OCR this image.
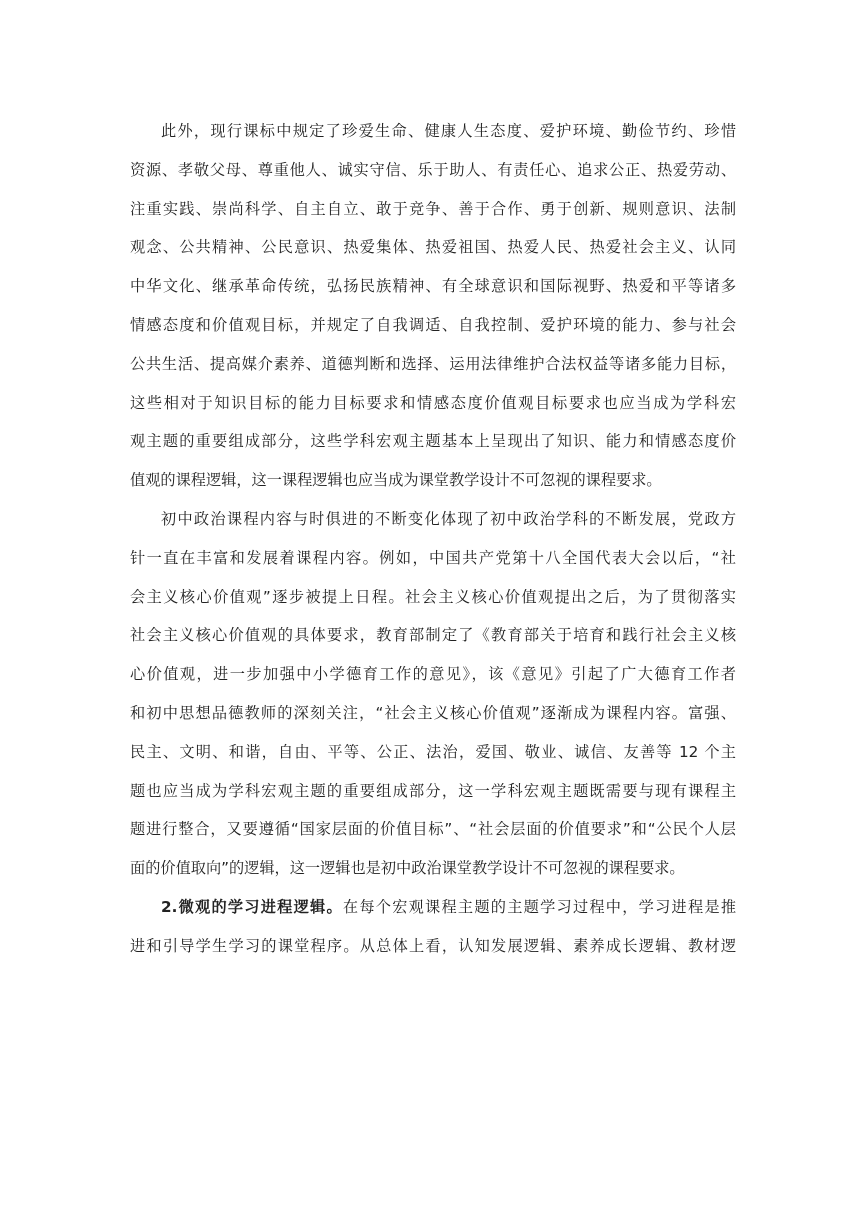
此外，现行课标中规定了珍爱生命、健康人生态度、爱护环境、勤俭节约、珍惜
资源、孝敬父母、尊重他人、诚实守信、乐于助人、有责任心、追求公正、热爱劳动、
注重实践、崇尚科学、自主自立、敢于竞争、善于合作、勇于创新、规则意识、法制
观念、公共精神、公民意识、热爱集体、热爱祖国、热爱人民、热爱社会主义、认同
中华文化、继承革命传统，弘扬民族精神、有全球意识和国际视野、热爱和平等诸多
情感态度和价值观目标，并规定了自我调适、自我控制、爱护环境的能力、参与社会
公共生活、提高媒介素养、道德判断和选择、运用法律维护合法权益等诸多能力目标，
这些相对于知识目标的能力目标要求和情感态度价值观目标要求也应当成为学科宏
观主题的重要组成部分，这些学科宏观主题基本上呈现出了知识、能力和情感态度价
值观的课程逻辑，这一课程逻辑也应当成为课堂教学设计不可忽视的课程要求。
初中政治课程内容与时俱进的不断变化体现了初中政治学科的不断发展，党政方
针一直在丰富和发展着课程内容。例如，中国共产党第十八全国代表大会以后，“社
会主义核心价值观”逐步被提上日程。社会主义核心价值观提出之后，为了贯彻落实
社会主义核心价值观的具体要求，教育部制定了《教育部关于培育和践行社会主义核
心价值观，进一步加强中小学德育工作的意见》，该《意见》引起了广大德育工作者
和初中思想品德教师的深刻关注，“社会主义核心价值观”逐渐成为课程内容。富强、
民主、文明、和谐，自由、平等、公正、法治，爱国、敬业、诚信、友善等 12 个主
题也应当成为学科宏观主题的重要组成部分，这一学科宏观主题既需要与现有课程主
题进行整合，又要遵循“国家层面的价值目标”、“社会层面的价值要求”和“公民个人层
面的价值取向”的逻辑，这一逻辑也是初中政治课堂教学设计不可忽视的课程要求。
2.微观的学习进程逻辑。在每个宏观课程主题的主题学习过程中，学习进程是推
进和引导学生学习的课堂程序。从总体上看，认知发展逻辑、素养成长逻辑、教材逻
